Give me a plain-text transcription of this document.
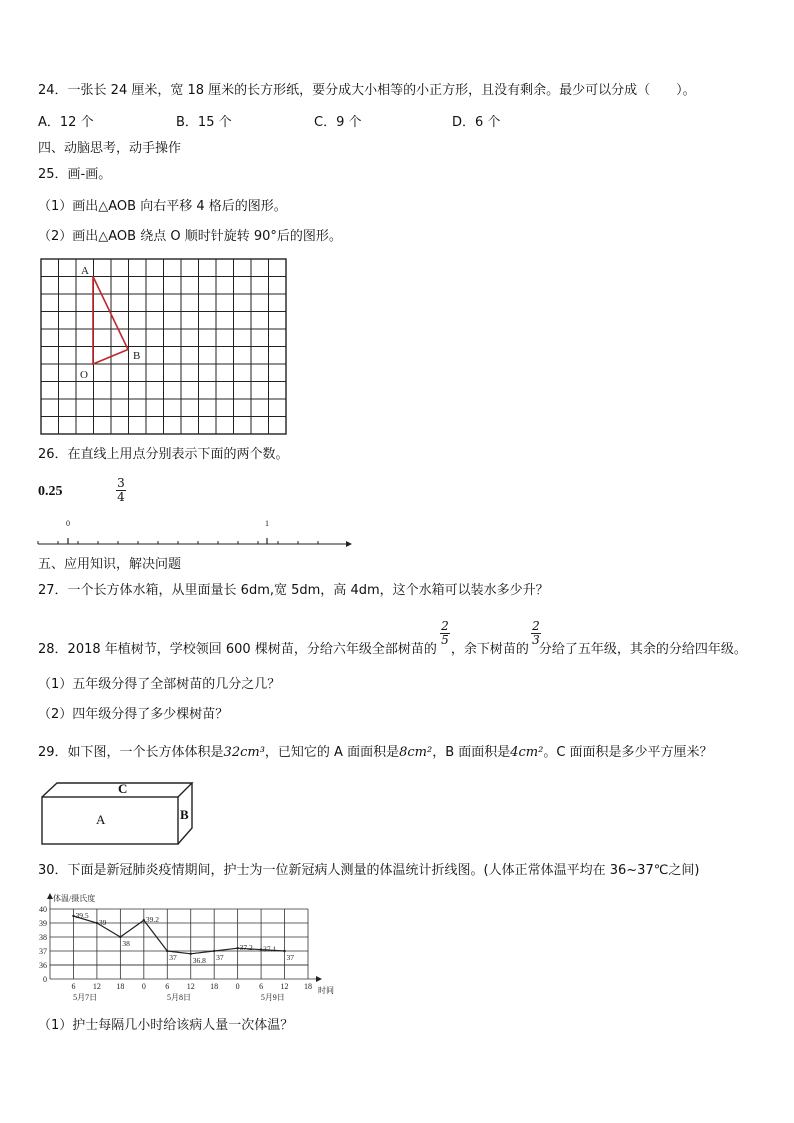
24．一张长 24 厘米，宽 18 厘米的长方形纸，要分成大小相等的小正方形，且没有剩余。最少可以分成（　　）。
A．12 个	B．15 个	C．9 个	D．6 个
四、动脑思考，动手操作
25．画-画。
（1）画出△AOB 向右平移 4 格后的图形。
（2）画出△AOB 绕点 O 顺时针旋转 90°后的图形。
A
B
O
26．在直线上用点分别表示下面的两个数。
0.25
3
4
0	1
五、应用知识，解决问题
27．一个长方体水箱，从里面量长 6dm,宽 5dm，高 4dm，这个水箱可以装水多少升？
28．2018 年植树节，学校领回 600 棵树苗，分给六年级全部树苗的 ，余下树苗的 分给了五年级，其余的分给四年级。
2
5
2
3
（1）五年级分得了全部树苗的几分之几？
（2）四年级分得了多少棵树苗？
29．如下图，一个长方体体积是32cm³，已知它的 A 面面积是8cm²，B 面面积是4cm²。C 面面积是多少平方厘米？
C
A	B
30．下面是新冠肺炎疫情期间，护士为一位新冠病人测量的体温统计折线图。(人体正常体温平均在 36~37℃之间)
40
39
38
37
36
0
6 12 18 0 6 12 18 0 6 12 18
5月7日	5月8日	5月9日
39.5
39
38
39.2
37 36.8 37
37.2 37.1
37
体温/摄氏度
时间
（1）护士每隔几小时给该病人量一次体温？
